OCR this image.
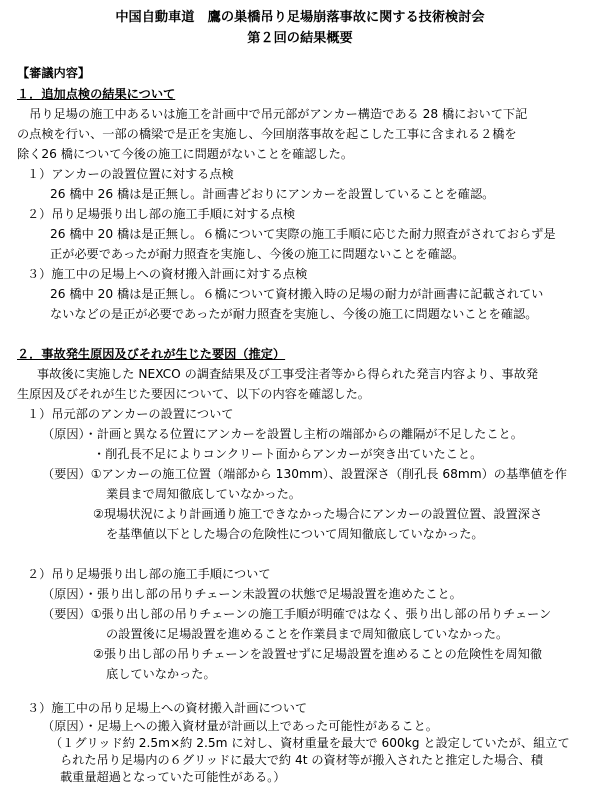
中国自動車道　鷹の巣橋吊り足場崩落事故に関する技術検討会
第２回の結果概要
【審議内容】
１．追加点検の結果について
　吊り足場の施工中あるいは施工を計画中で吊元部がアンカー構造である 28 橋において下記
の点検を行い、一部の橋梁で是正を実施し、今回崩落事故を起こした工事に含まれる２橋を
除く26 橋について今後の施工に問題がないことを確認した。
１）アンカーの設置位置に対する点検
26 橋中 26 橋は是正無し。計画書どおりにアンカーを設置していることを確認。
２）吊り足場張り出し部の施工手順に対する点検
26 橋中 20 橋は是正無し。６橋について実際の施工手順に応じた耐力照査がされておらず是
正が必要であったが耐力照査を実施し、今後の施工に問題ないことを確認。
３）施工中の足場上への資材搬入計画に対する点検
26 橋中 20 橋は是正無し。６橋について資材搬入時の足場の耐力が計画書に記載されてい
ないなどの是正が必要であったが耐力照査を実施し、今後の施工に問題ないことを確認。
２．事故発生原因及びそれが生じた要因（推定）
事故後に実施した NEXCO の調査結果及び工事受注者等から得られた発言内容より、事故発
生原因及びそれが生じた要因について、以下の内容を確認した。
１）吊元部のアンカーの設置について
（原因）・計画と異なる位置にアンカーを設置し主桁の端部からの離隔が不足したこと。
・削孔長不足によりコンクリート面からアンカーが突き出ていたこと。
（要因）①アンカーの施工位置（端部から 130mm）、設置深さ（削孔長 68mm）の基準値を作
業員まで周知徹底していなかった。
②現場状況により計画通り施工できなかった場合にアンカーの設置位置、設置深さ
を基準値以下とした場合の危険性について周知徹底していなかった。
２）吊り足場張り出し部の施工手順について
（原因）・張り出し部の吊りチェーン未設置の状態で足場設置を進めたこと。
（要因）①張り出し部の吊りチェーンの施工手順が明確ではなく、張り出し部の吊りチェーン
の設置後に足場設置を進めることを作業員まで周知徹底していなかった。
②張り出し部の吊りチェーンを設置せずに足場設置を進めることの危険性を周知徹
底していなかった。
３）施工中の吊り足場上への資材搬入計画について
（原因）・足場上への搬入資材量が計画以上であった可能性があること。
（１グリッド約 2.5m×約 2.5m に対し、資材重量を最大で 600kg と設定していたが、組立て
られた吊り足場内の６グリッドに最大で約 4t の資材等が搬入されたと推定した場合、積
載重量超過となっていた可能性がある。）
